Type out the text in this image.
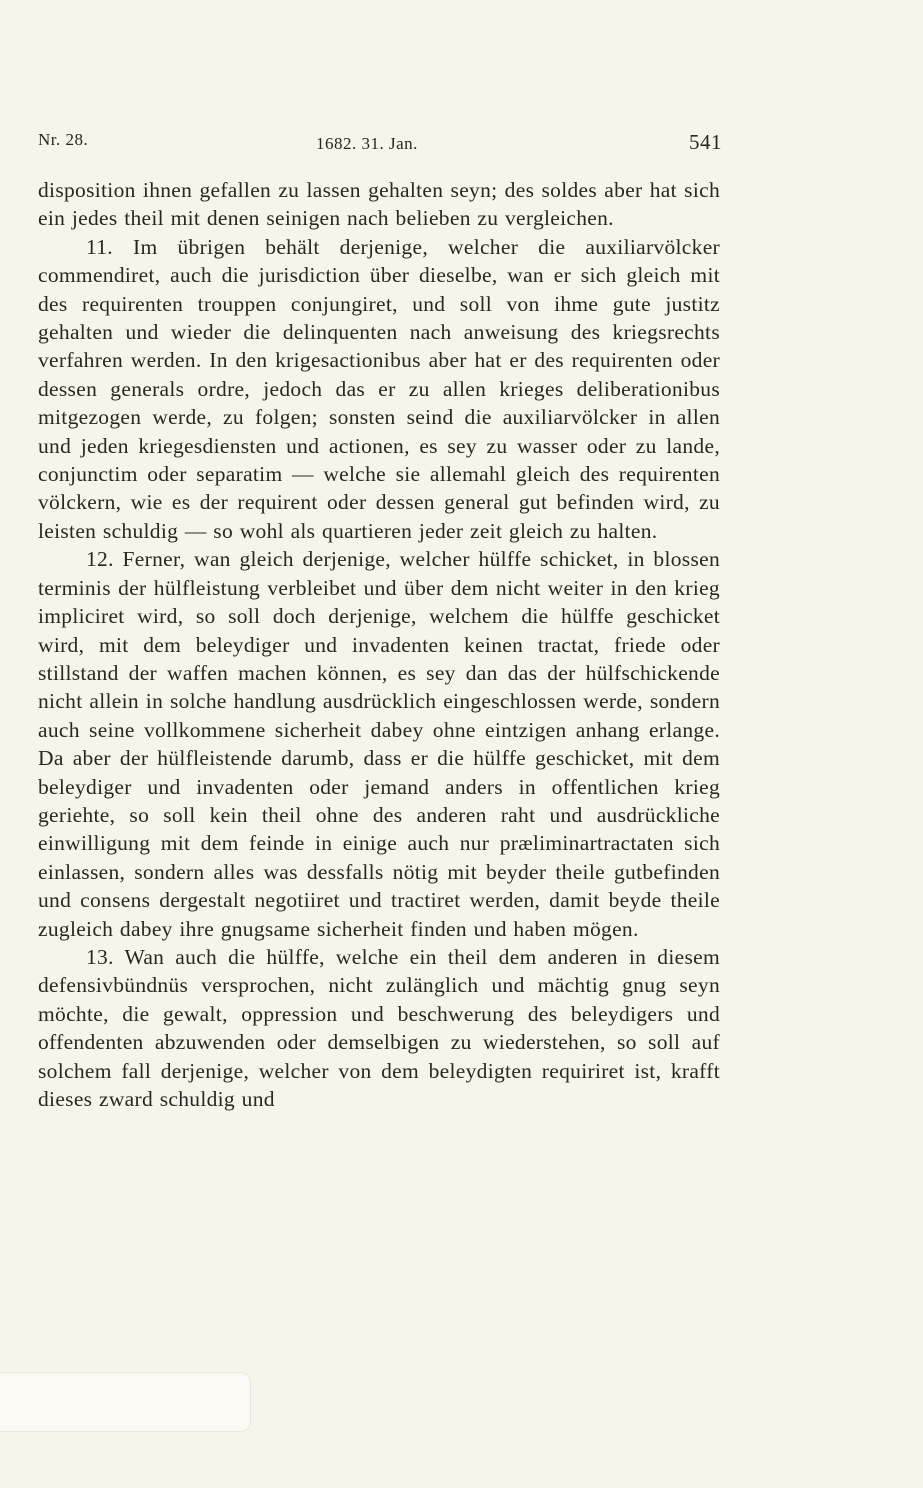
Nr. 28.	1682. 31. Jan.	541

disposition ihnen gefallen zu lassen gehalten seyn; des soldes aber hat sich ein jedes theil mit denen seinigen nach belieben zu vergleichen.

11. Im übrigen behält derjenige, welcher die auxiliarvölcker commendiret, auch die jurisdiction über dieselbe, wan er sich gleich mit des requirenten trouppen conjungiret, und soll von ihme gute justitz gehalten und wieder die delinquenten nach anweisung des kriegsrechts verfahren werden. In den krigesactionibus aber hat er des requirenten oder dessen generals ordre, jedoch das er zu allen krieges deliberationibus mitgezogen werde, zu folgen; sonsten seind die auxiliarvölcker in allen und jeden kriegesdiensten und actionen, es sey zu wasser oder zu lande, conjunctim oder separatim — welche sie allemahl gleich des requirenten völckern, wie es der requirent oder dessen general gut befinden wird, zu leisten schuldig — so wohl als quartieren jeder zeit gleich zu halten.

12. Ferner, wan gleich derjenige, welcher hülffe schicket, in blossen terminis der hülfleistung verbleibet und über dem nicht weiter in den krieg impliciret wird, so soll doch derjenige, welchem die hülffe geschicket wird, mit dem beleydiger und invadenten keinen tractat, friede oder stillstand der waffen machen können, es sey dan das der hülfschickende nicht allein in solche handlung ausdrücklich eingeschlossen werde, sondern auch seine vollkommene sicherheit dabey ohne eintzigen anhang erlange. Da aber der hülfleistende darumb, dass er die hülffe geschicket, mit dem beleydiger und invadenten oder jemand anders in offentlichen krieg geriehte, so soll kein theil ohne des anderen raht und ausdrückliche einwilligung mit dem feinde in einige auch nur præliminartractaten sich einlassen, sondern alles was dessfalls nötig mit beyder theile gutbefinden und consens dergestalt negotiiret und tractiret werden, damit beyde theile zugleich dabey ihre gnugsame sicherheit finden und haben mögen.

13. Wan auch die hülffe, welche ein theil dem anderen in diesem defensivbündnüs versprochen, nicht zulänglich und mächtig gnug seyn möchte, die gewalt, oppression und beschwerung des beleydigers und offendenten abzuwenden oder demselbigen zu wiederstehen, so soll auf solchem fall derjenige, welcher von dem beleydigten requiriret ist, krafft dieses zward schuldig und
